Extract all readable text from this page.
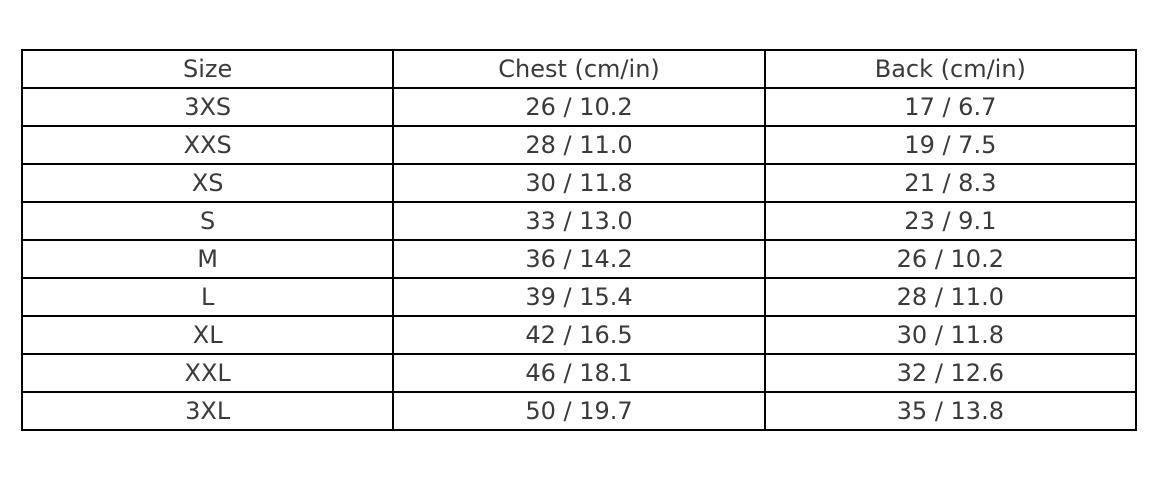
Size	Chest (cm/in)	Back (cm/in)
3XS	26 / 10.2	17 / 6.7
XXS	28 / 11.0	19 / 7.5
XS	30 / 11.8	21 / 8.3
S	33 / 13.0	23 / 9.1
M	36 / 14.2	26 / 10.2
L	39 / 15.4	28 / 11.0
XL	42 / 16.5	30 / 11.8
XXL	46 / 18.1	32 / 12.6
3XL	50 / 19.7	35 / 13.8
